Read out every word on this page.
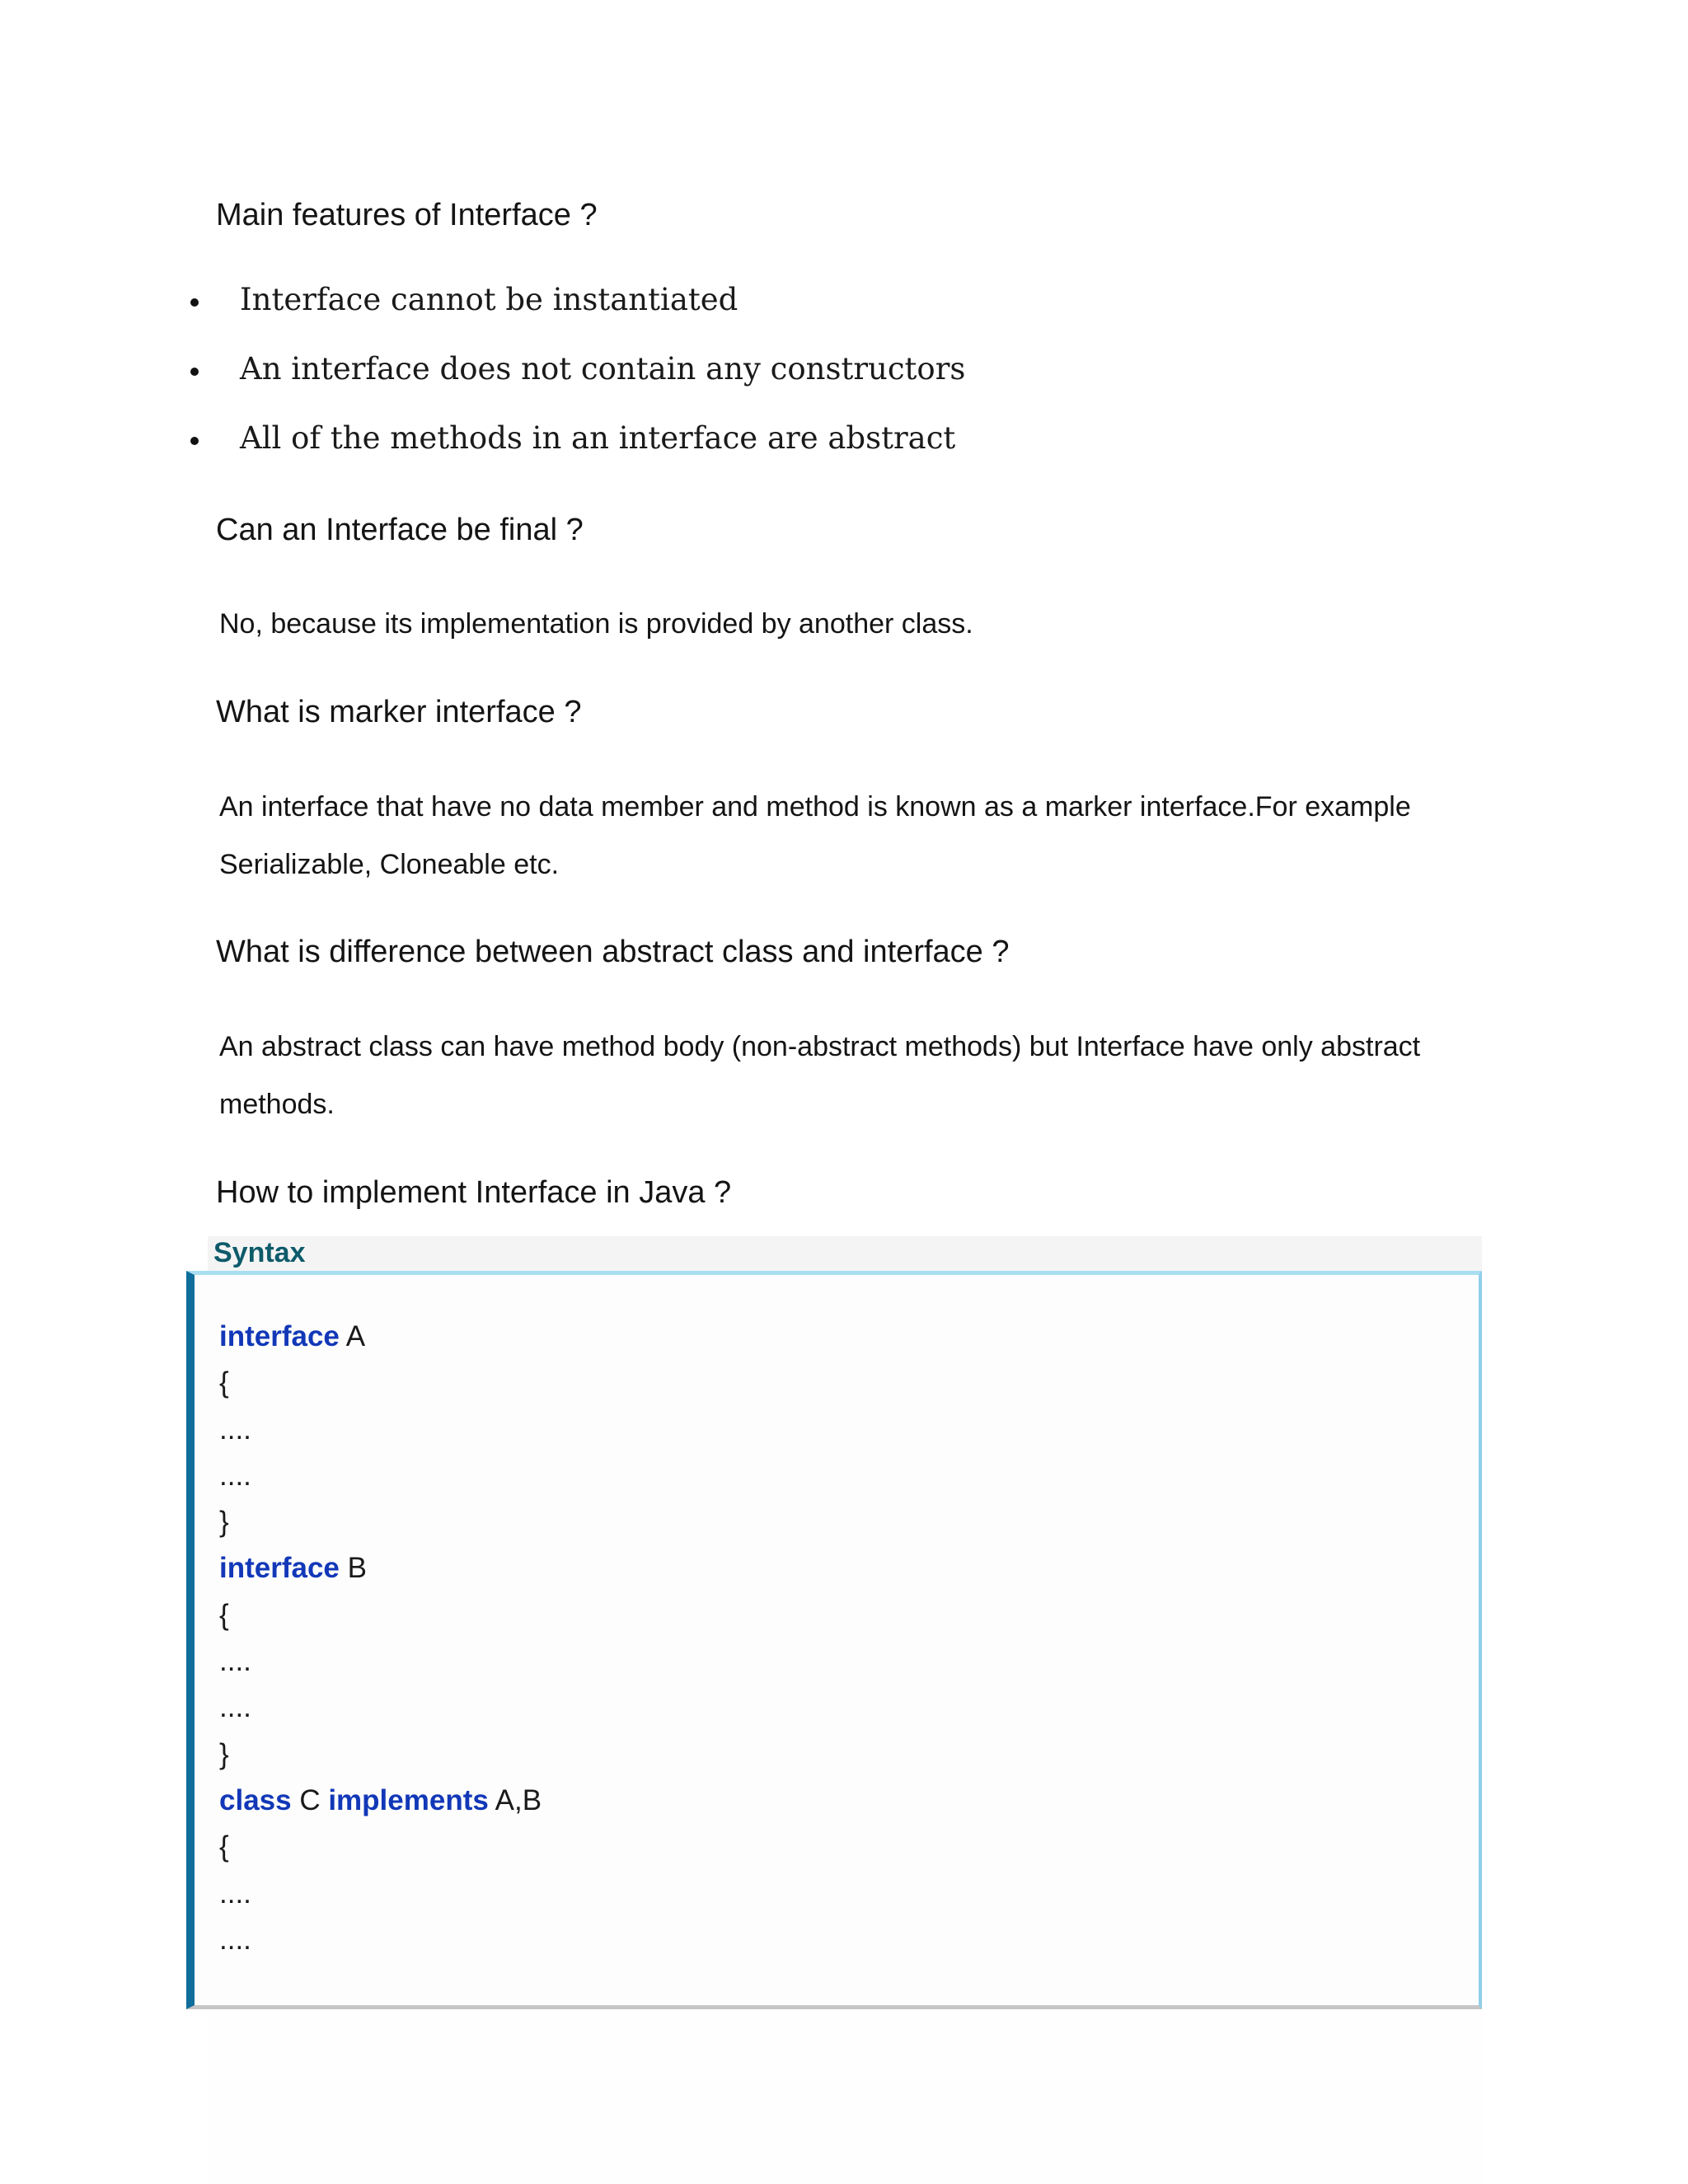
Main features of Interface ?
Interface cannot be instantiated
An interface does not contain any constructors
All of the methods in an interface are abstract
Can an Interface be final ?

No, because its implementation is provided by another class.

What is marker interface ?

An interface that have no data member and method is known as a marker interface.For example

Serializable, Cloneable etc.

What is difference between abstract class and interface ?

An abstract class can have method body (non-abstract methods) but Interface have only abstract

methods.

How to implement Interface in Java ?
Syntax
interface A
{
....
....
}
interface B
{
....
....
}
class C implements A,B
{
....
....
